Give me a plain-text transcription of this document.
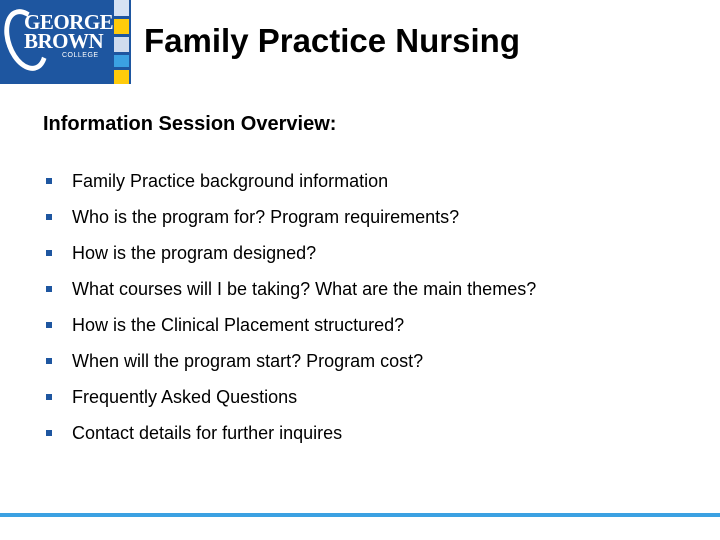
GEORGE
BROWN
COLLEGE Family Practice Nursing
Information Session Overview:
Family Practice background information
Who is the program for? Program requirements?
How is the program designed?
What courses will I be taking? What are the main themes?
How is the Clinical Placement structured?
When will the program start? Program cost?
Frequently Asked Questions
Contact details for further inquires
